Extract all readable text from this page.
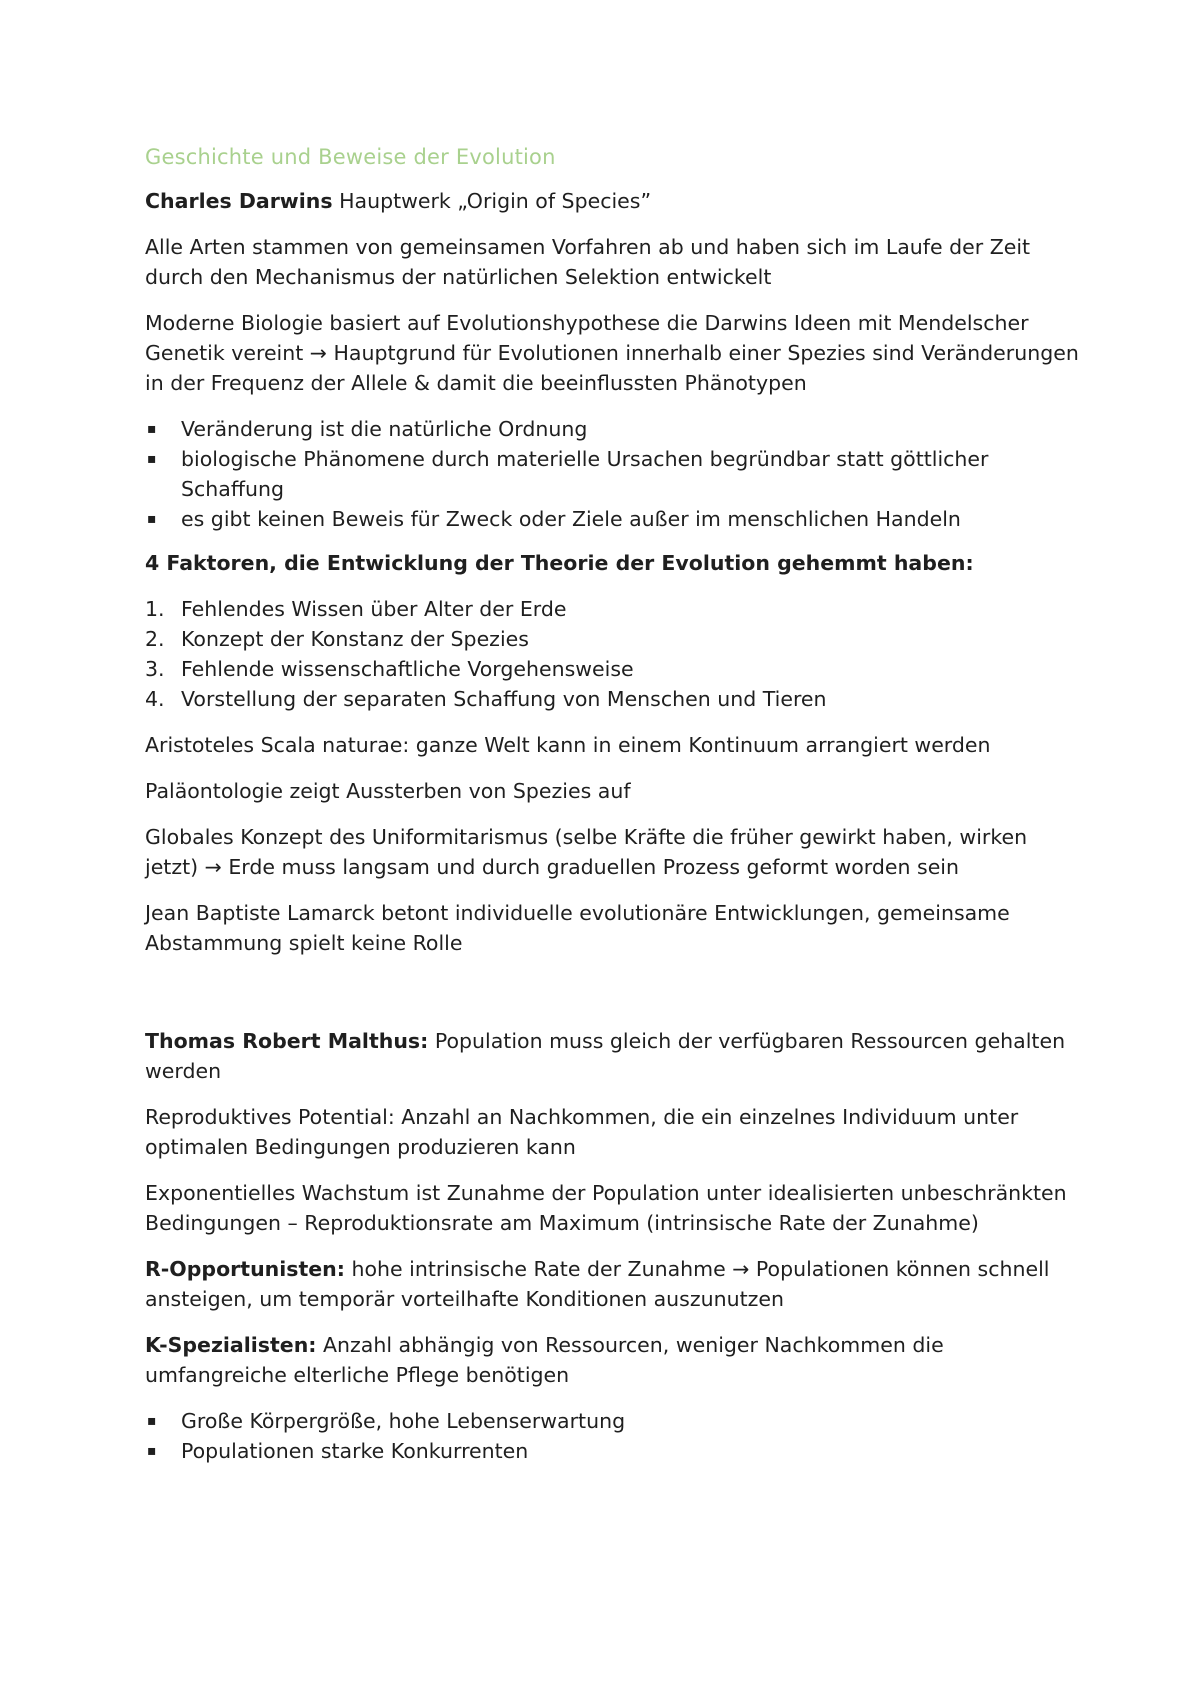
Geschichte und Beweise der Evolution

Charles Darwins Hauptwerk „Origin of Species”

Alle Arten stammen von gemeinsamen Vorfahren ab und haben sich im Laufe der Zeit durch den Mechanismus der natürlichen Selektion entwickelt

Moderne Biologie basiert auf Evolutionshypothese die Darwins Ideen mit Mendelscher Genetik vereint → Hauptgrund für Evolutionen innerhalb einer Spezies sind Veränderungen in der Frequenz der Allele & damit die beeinflussten Phänotypen

▪ Veränderung ist die natürliche Ordnung
▪ biologische Phänomene durch materielle Ursachen begründbar statt göttlicher Schaffung
▪ es gibt keinen Beweis für Zweck oder Ziele außer im menschlichen Handeln

4 Faktoren, die Entwicklung der Theorie der Evolution gehemmt haben:

1. Fehlendes Wissen über Alter der Erde
2. Konzept der Konstanz der Spezies
3. Fehlende wissenschaftliche Vorgehensweise
4. Vorstellung der separaten Schaffung von Menschen und Tieren

Aristoteles Scala naturae: ganze Welt kann in einem Kontinuum arrangiert werden

Paläontologie zeigt Aussterben von Spezies auf

Globales Konzept des Uniformitarismus (selbe Kräfte die früher gewirkt haben, wirken jetzt) → Erde muss langsam und durch graduellen Prozess geformt worden sein

Jean Baptiste Lamarck betont individuelle evolutionäre Entwicklungen, gemeinsame Abstammung spielt keine Rolle

Thomas Robert Malthus: Population muss gleich der verfügbaren Ressourcen gehalten werden

Reproduktives Potential: Anzahl an Nachkommen, die ein einzelnes Individuum unter optimalen Bedingungen produzieren kann

Exponentielles Wachstum ist Zunahme der Population unter idealisierten unbeschränkten Bedingungen – Reproduktionsrate am Maximum (intrinsische Rate der Zunahme)

R-Opportunisten: hohe intrinsische Rate der Zunahme → Populationen können schnell ansteigen, um temporär vorteilhafte Konditionen auszunutzen

K-Spezialisten: Anzahl abhängig von Ressourcen, weniger Nachkommen die umfangreiche elterliche Pflege benötigen

▪ Große Körpergröße, hohe Lebenserwartung
▪ Populationen starke Konkurrenten
